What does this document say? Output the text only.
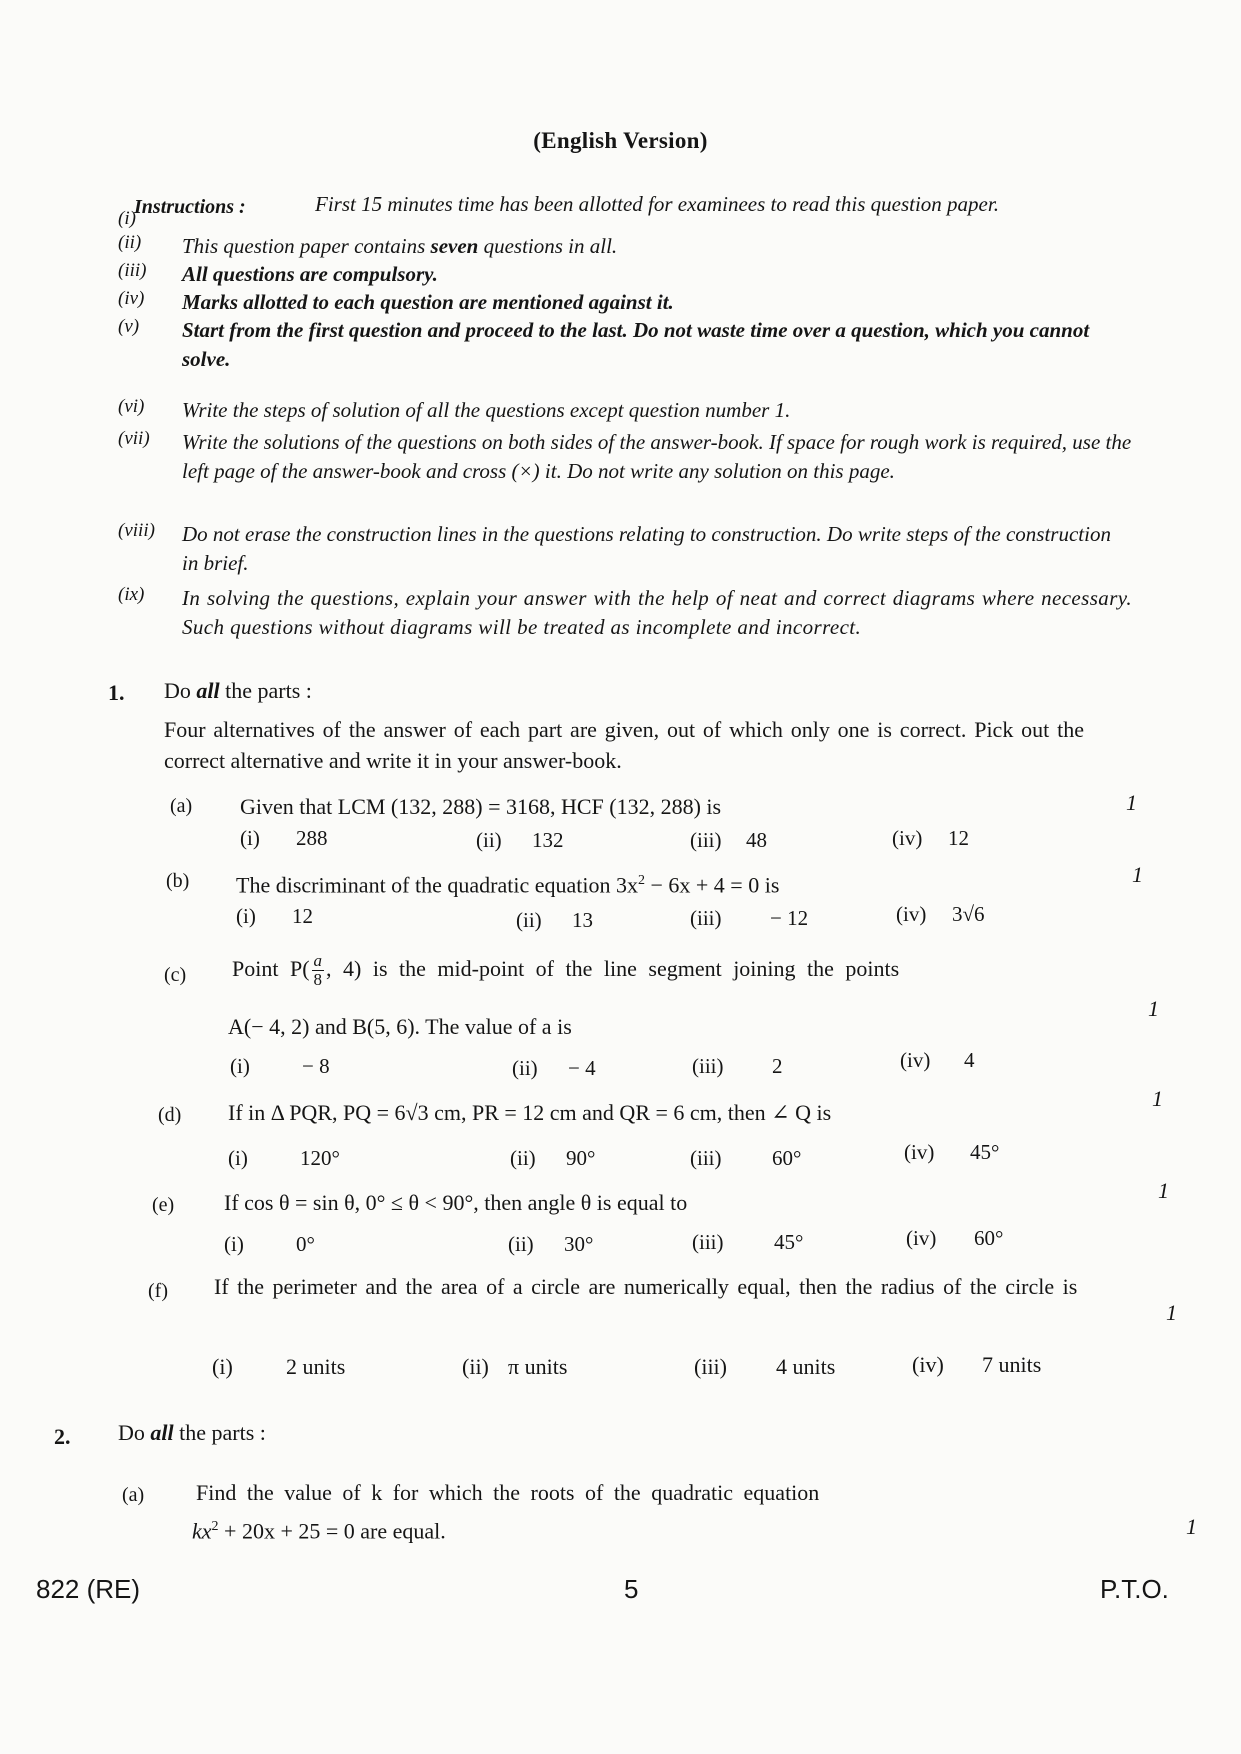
(English Version)
Instructions :	First 15 minutes time has been allotted for examinees to read this question paper.
(i)
(ii)	This question paper contains seven questions in all.
(iii)	All questions are compulsory.
(iv)	Marks allotted to each question are mentioned against it.
(v)	Start from the first question and proceed to the last. Do not waste time over a question, which you cannot solve.
(vi)	Write the steps of solution of all the questions except question number 1.
(vii)	Write the solutions of the questions on both sides of the answer-book. If space for rough work is required, use the left page of the answer-book and cross (×) it. Do not write any solution on this page.
(viii)	Do not erase the construction lines in the questions relating to construction. Do write steps of the construction in brief.
(ix)	In solving the questions, explain your answer with the help of neat and correct diagrams where necessary. Such questions without diagrams will be treated as incomplete and incorrect.
1. Do all the parts :
Four alternatives of the answer of each part are given, out of which only one is correct. Pick out the correct alternative and write it in your answer-book.
(a) Given that LCM (132, 288) = 3168, HCF (132, 288) is	1
(i) 288	(ii) 132	(iii) 48	(iv) 12
(b) The discriminant of the quadratic equation $3x^2 - 6x + 4 = 0$ is	1
(i) 12	(ii) 13	(iii) − 12	(iv) 3√6
(c) Point $P( \frac{a}{8}$ , 4) is the mid-point of the line segment joining the points
A(− 4, 2) and B(5, 6). The value of a is
1
(i) − 8	(ii) − 4	(iii) 2	(iv) 4
(d) If in Δ PQR, PQ = 6√3 cm, PR = 12 cm and QR = 6 cm, then ∠ Q is
1
(i) 120°	(ii) 90°	(iii) 60°	(iv) 45°
(e) If cos θ = sin θ, 0° ≤ θ < 90°, then angle θ is equal to	1
(i) 0°	(ii) 30°	(iii) 45°	(iv) 60°
(f) If the perimeter and the area of a circle are numerically equal, then the radius of the circle is
1
(i) 2 units	(ii) π units	(iii) 4 units	(iv) 7 units
2. Do all the parts :
(a) Find the value of k for which the roots of the quadratic equation
$kx^2 + 20x + 25 = 0$ are equal.	1
822 (RE)	5	P.T.O.
